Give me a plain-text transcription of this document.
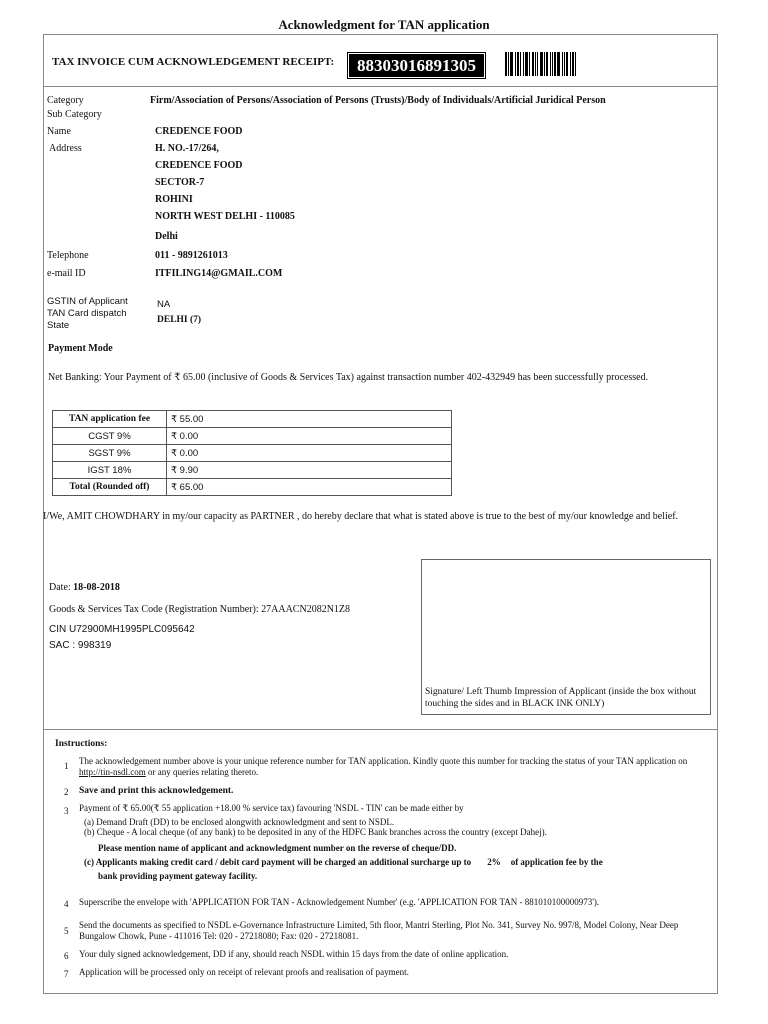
Acknowledgment for TAN application
TAX INVOICE CUM ACKNOWLEDGEMENT RECEIPT:	88303016891305
Category	Firm/Association of Persons/Association of Persons (Trusts)/Body of Individuals/Artificial Juridical Person
Sub Category
Name	CREDENCE FOOD
Address	H. NO.-17/264,
CREDENCE FOOD
SECTOR-7
ROHINI
NORTH WEST DELHI - 110085
Delhi
Telephone	011 - 9891261013
e-mail ID	ITFILING14@GMAIL.COM
GSTIN of Applicant	NA
TAN Card dispatch
State	DELHI (7)
Payment Mode
Net Banking: Your Payment of ₹ 65.00 (inclusive of Goods & Services Tax) against transaction number 402-432949 has been successfully processed.
TAN application fee	₹ 55.00
CGST 9%	₹ 0.00
SGST 9%	₹ 0.00
IGST 18%	₹ 9.90
Total (Rounded off)	₹ 65.00
I/We, AMIT CHOWDHARY in my/our capacity as PARTNER , do hereby declare that what is stated above is true to the best of my/our knowledge and belief.
Date: 18-08-2018
Goods & Services Tax Code (Registration Number): 27AAACN2082N1Z8
CIN U72900MH1995PLC095642
SAC : 998319
Signature/ Left Thumb Impression of Applicant (inside the box without touching the sides and in BLACK INK ONLY)
Instructions:
1 The acknowledgement number above is your unique reference number for TAN application. Kindly quote this number for tracking the status of your TAN application on http://tin-nsdl.com or any queries relating thereto.
2 Save and print this acknowledgement.
3 Payment of ₹ 65.00(₹ 55 application +18.00 % service tax) favouring 'NSDL - TIN' can be made either by
(a) Demand Draft (DD) to be enclosed alongwith acknowledgment and sent to NSDL.
(b) Cheque - A local cheque (of any bank) to be deposited in any of the HDFC Bank branches across the country (except Dahej).
Please mention name of applicant and acknowledgment number on the reverse of cheque/DD.
(c) Applicants making credit card / debit card payment will be charged an additional surcharge up to 2% of application fee by the
bank providing payment gateway facility.
4 Superscribe the envelope with 'APPLICATION FOR TAN - Acknowledgement Number' (e.g. 'APPLICATION FOR TAN - 881010100000973').
5
Send the documents as specified to NSDL e-Governance Infrastructure Limited, 5th floor, Mantri Sterling, Plot No. 341, Survey No. 997/8, Model Colony, Near Deep Bungalow Chowk, Pune - 411016 Tel: 020 - 27218080; Fax: 020 - 27218081.
6 Your duly signed acknowledgement, DD if any, should reach NSDL within 15 days from the date of online application.
7 Application will be processed only on receipt of relevant proofs and realisation of payment.
